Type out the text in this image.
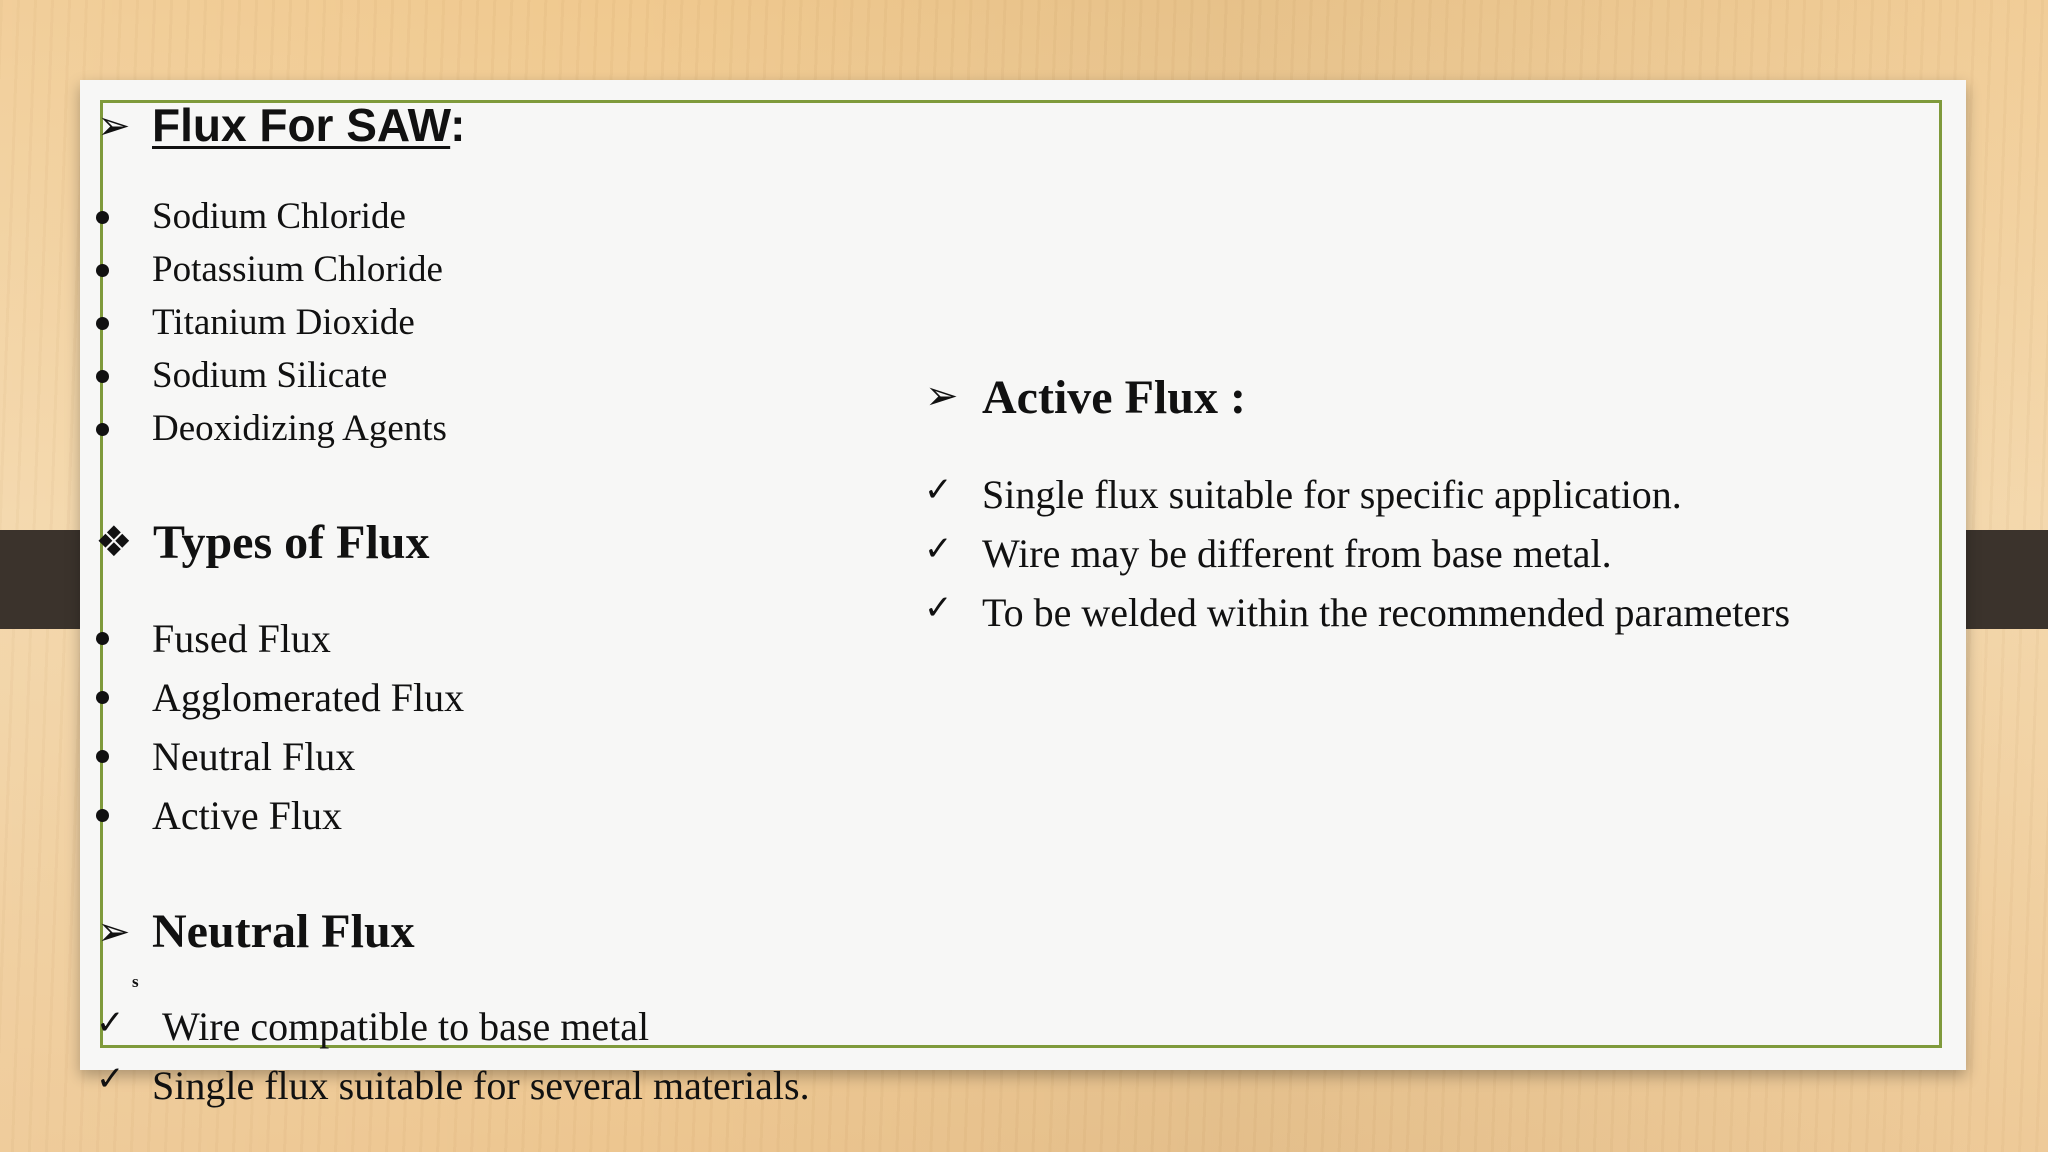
➢ Flux For SAW:
Sodium Chloride
Potassium Chloride
Titanium Dioxide
Sodium Silicate
Deoxidizing Agents
❖ Types of Flux
Fused Flux
Agglomerated Flux
Neutral Flux
Active Flux
➢ Neutral Flux
s
✓ Wire compatible to base metal
✓ Single flux suitable for several materials.
➢ Active Flux :
✓ Single flux suitable for specific application.
✓ Wire may be different from base metal.
✓ To be welded within the recommended parameters
